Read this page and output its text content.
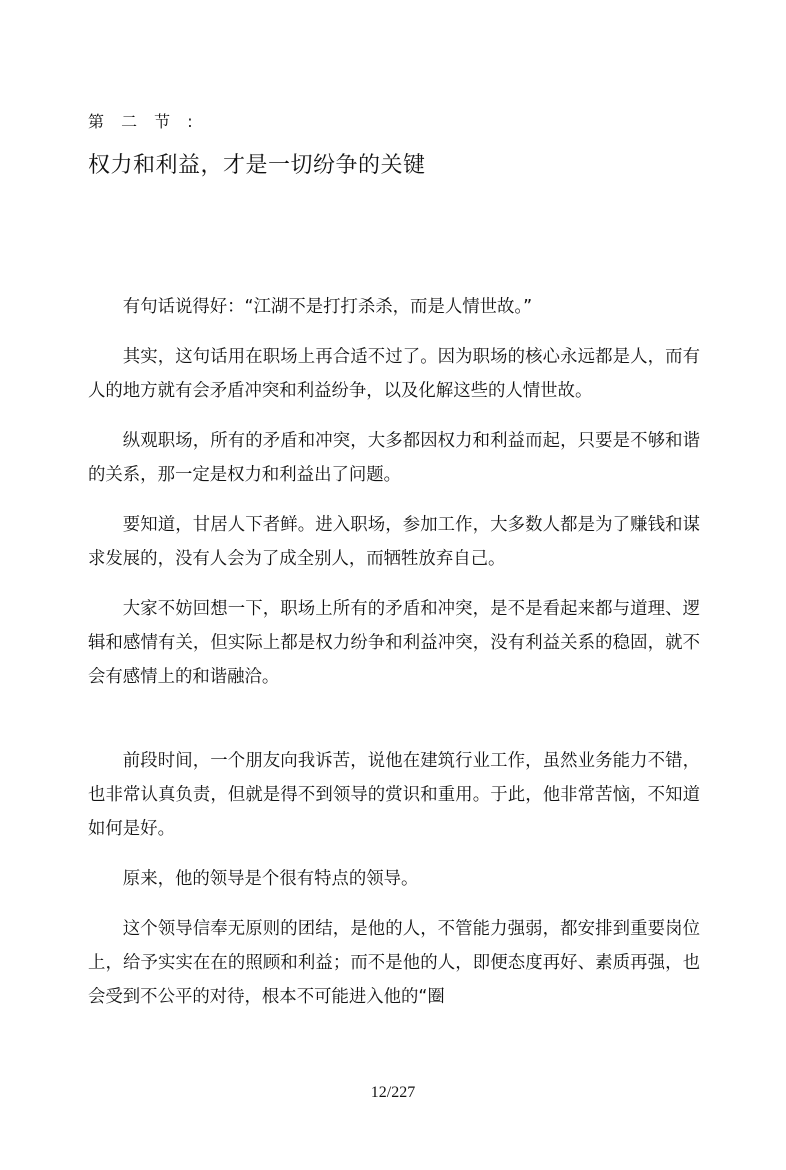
第 二 节 :
权力和利益，才是一切纷争的关键

有句话说得好：“江湖不是打打杀杀，而是人情世故。”

其实，这句话用在职场上再合适不过了。因为职场的核心永远都是人，而有人的地方就有会矛盾冲突和利益纷争，以及化解这些的人情世故。

纵观职场，所有的矛盾和冲突，大多都因权力和利益而起，只要是不够和谐的关系，那一定是权力和利益出了问题。

要知道，甘居人下者鲜。进入职场，参加工作，大多数人都是为了赚钱和谋求发展的，没有人会为了成全别人，而牺牲放弃自己。

大家不妨回想一下，职场上所有的矛盾和冲突，是不是看起来都与道理、逻辑和感情有关，但实际上都是权力纷争和利益冲突，没有利益关系的稳固，就不会有感情上的和谐融洽。

前段时间，一个朋友向我诉苦，说他在建筑行业工作，虽然业务能力不错，也非常认真负责，但就是得不到领导的赏识和重用。于此，他非常苦恼，不知道如何是好。

原来，他的领导是个很有特点的领导。

这个领导信奉无原则的团结，是他的人，不管能力强弱，都安排到重要岗位上，给予实实在在的照顾和利益；而不是他的人，即便态度再好、素质再强，也会受到不公平的对待，根本不可能进入他的“圈

12/227
